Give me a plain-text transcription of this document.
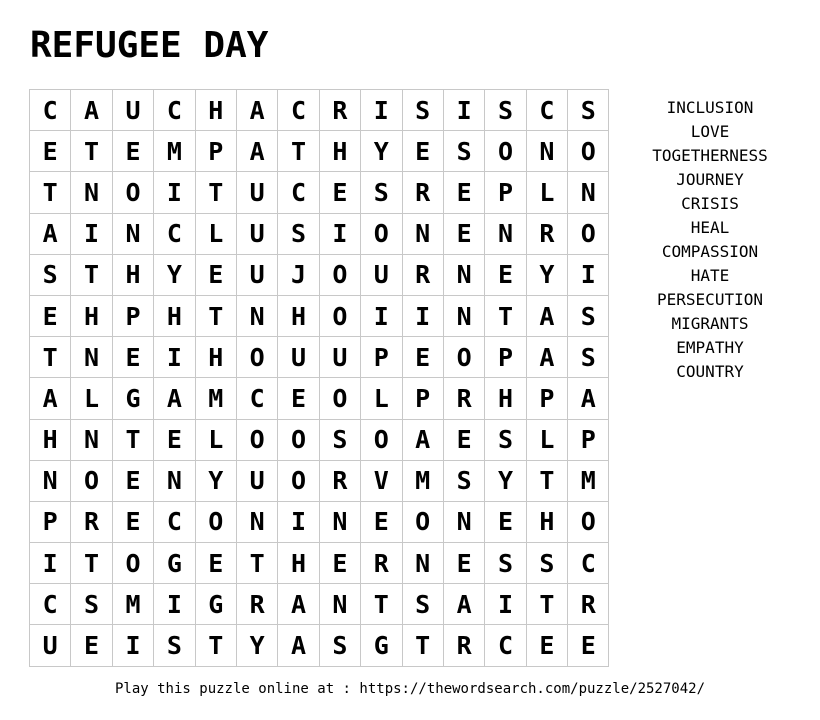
REFUGEE DAY
C	A	U	C	H	A	C	R	I	S	I	S	C	S
E	T	E	M	P	A	T	H	Y	E	S	O	N	O
T	N	O	I	T	U	C	E	S	R	E	P	L	N
A	I	N	C	L	U	S	I	O	N	E	N	R	O
S	T	H	Y	E	U	J	O	U	R	N	E	Y	I
E	H	P	H	T	N	H	O	I	I	N	T	A	S
T	N	E	I	H	O	U	U	P	E	O	P	A	S
A	L	G	A	M	C	E	O	L	P	R	H	P	A
H	N	T	E	L	O	O	S	O	A	E	S	L	P
N	O	E	N	Y	U	O	R	V	M	S	Y	T	M
P	R	E	C	O	N	I	N	E	O	N	E	H	O
I	T	O	G	E	T	H	E	R	N	E	S	S	C
C	S	M	I	G	R	A	N	T	S	A	I	T	R
U	E	I	S	T	Y	A	S	G	T	R	C	E	E
INCLUSION
LOVE
TOGETHERNESS
JOURNEY
CRISIS
HEAL
COMPASSION
HATE
PERSECUTION
MIGRANTS
EMPATHY
COUNTRY
Play this puzzle online at : https://thewordsearch.com/puzzle/2527042/
